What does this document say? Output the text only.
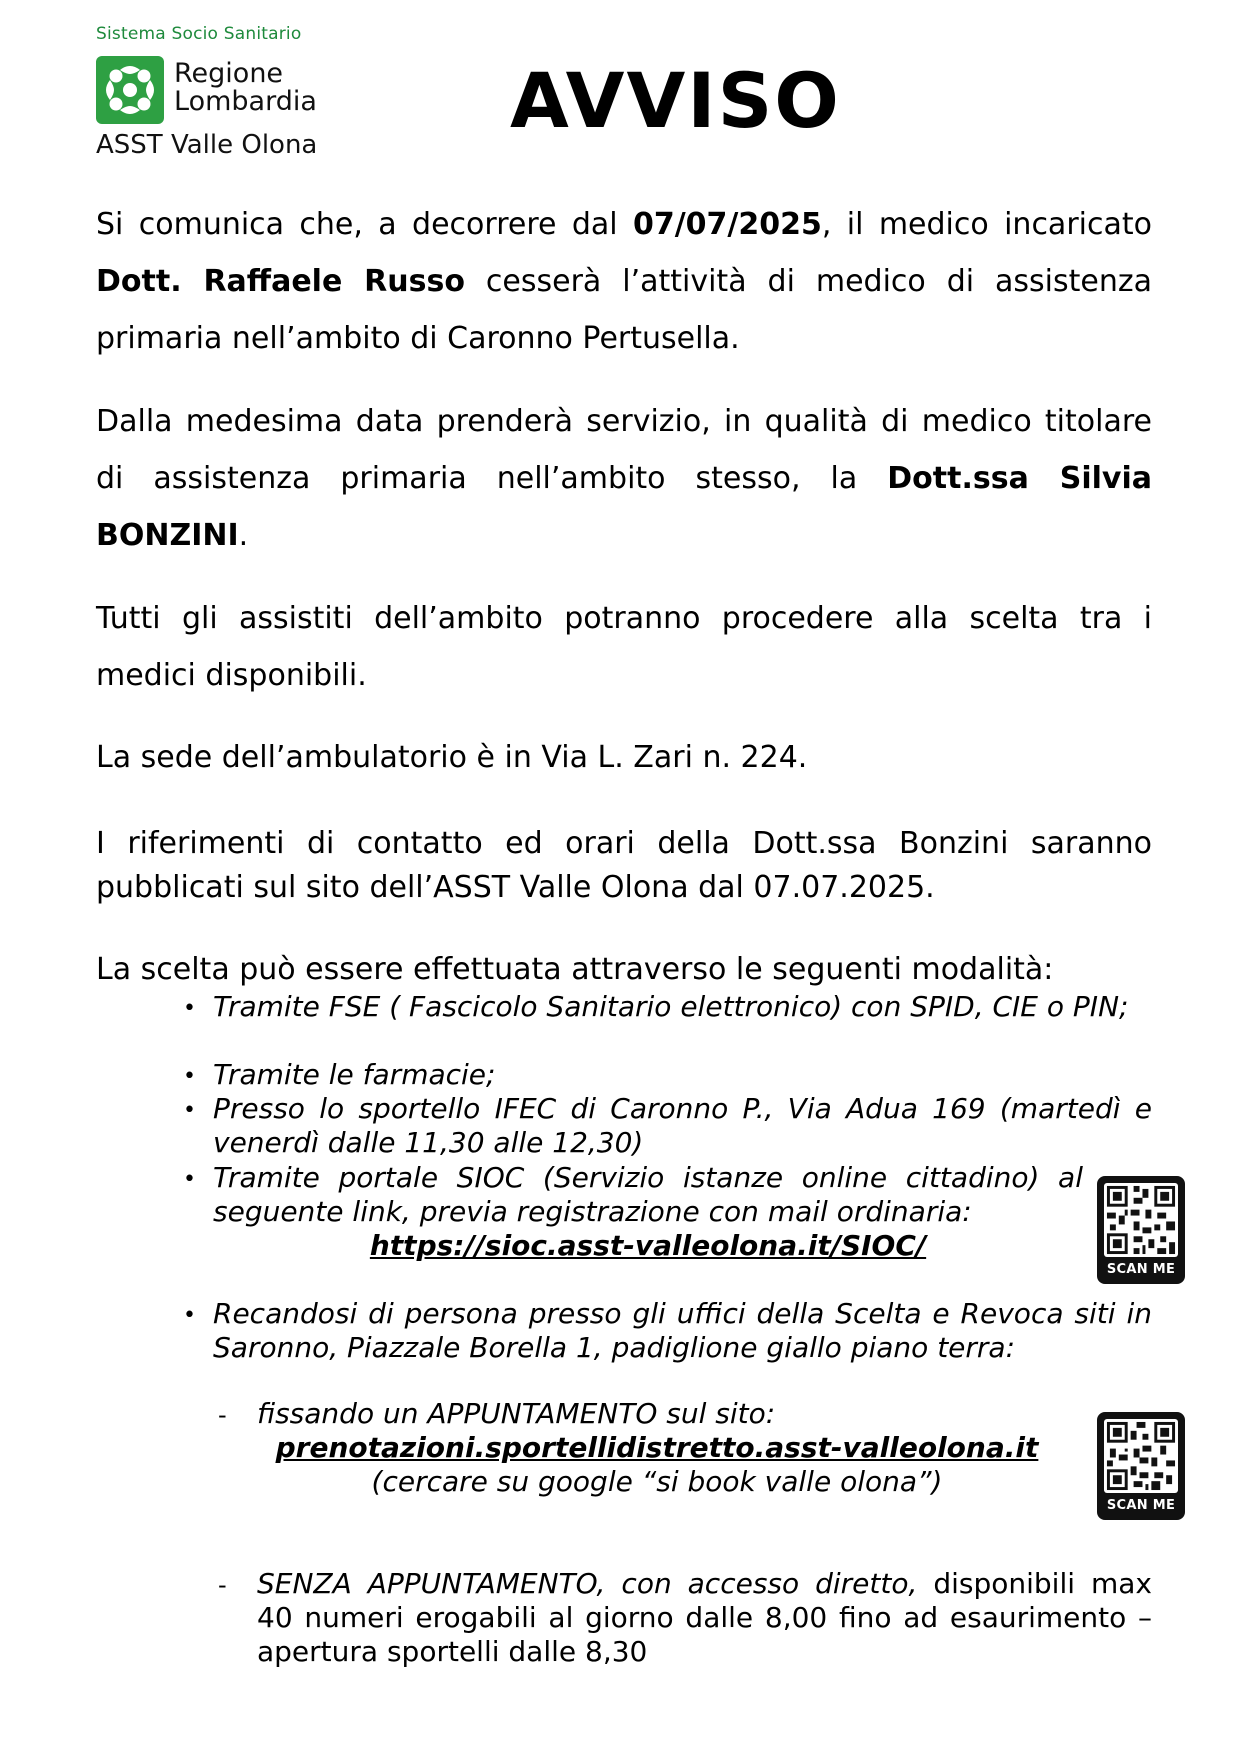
Sistema Socio Sanitario
Regione
Lombardia
ASST Valle Olona	AVVISO
Si comunica che, a decorrere dal 07/07/2025, il medico incaricato Dott. Raffaele Russo cesserà l’attività di medico di assistenza primaria nell’ambito di Caronno Pertusella.
Dalla medesima data prenderà servizio, in qualità di medico titolare di assistenza primaria nell’ambito stesso, la Dott.ssa Silvia BONZINI.
Tutti gli assistiti dell’ambito potranno procedere alla scelta tra i medici disponibili.
La sede dell’ambulatorio è in Via L. Zari n. 224.
I riferimenti di contatto ed orari della Dott.ssa Bonzini saranno pubblicati sul sito dell’ASST Valle Olona dal 07.07.2025.
La scelta può essere effettuata attraverso le seguenti modalità:
• Tramite FSE ( Fascicolo Sanitario elettronico) con SPID, CIE o PIN;
• Tramite le farmacie;
• Presso lo sportello IFEC di Caronno P., Via Adua 169 (martedì e venerdì dalle 11,30 alle 12,30)
• Tramite portale SIOC (Servizio istanze online cittadino) al seguente link, previa registrazione con mail ordinaria:
https://sioc.asst-valleolona.it/SIOC/
SCAN ME
• Recandosi di persona presso gli uffici della Scelta e Revoca siti in Saronno, Piazzale Borella 1, padiglione giallo piano terra:
- fissando un APPUNTAMENTO sul sito:
prenotazioni.sportellidistretto.asst-valleolona.it
(cercare su google “si book valle olona”)
SCAN ME
- SENZA APPUNTAMENTO, con accesso diretto, disponibili max 40 numeri erogabili al giorno dalle 8,00 fino ad esaurimento – apertura sportelli dalle 8,30
